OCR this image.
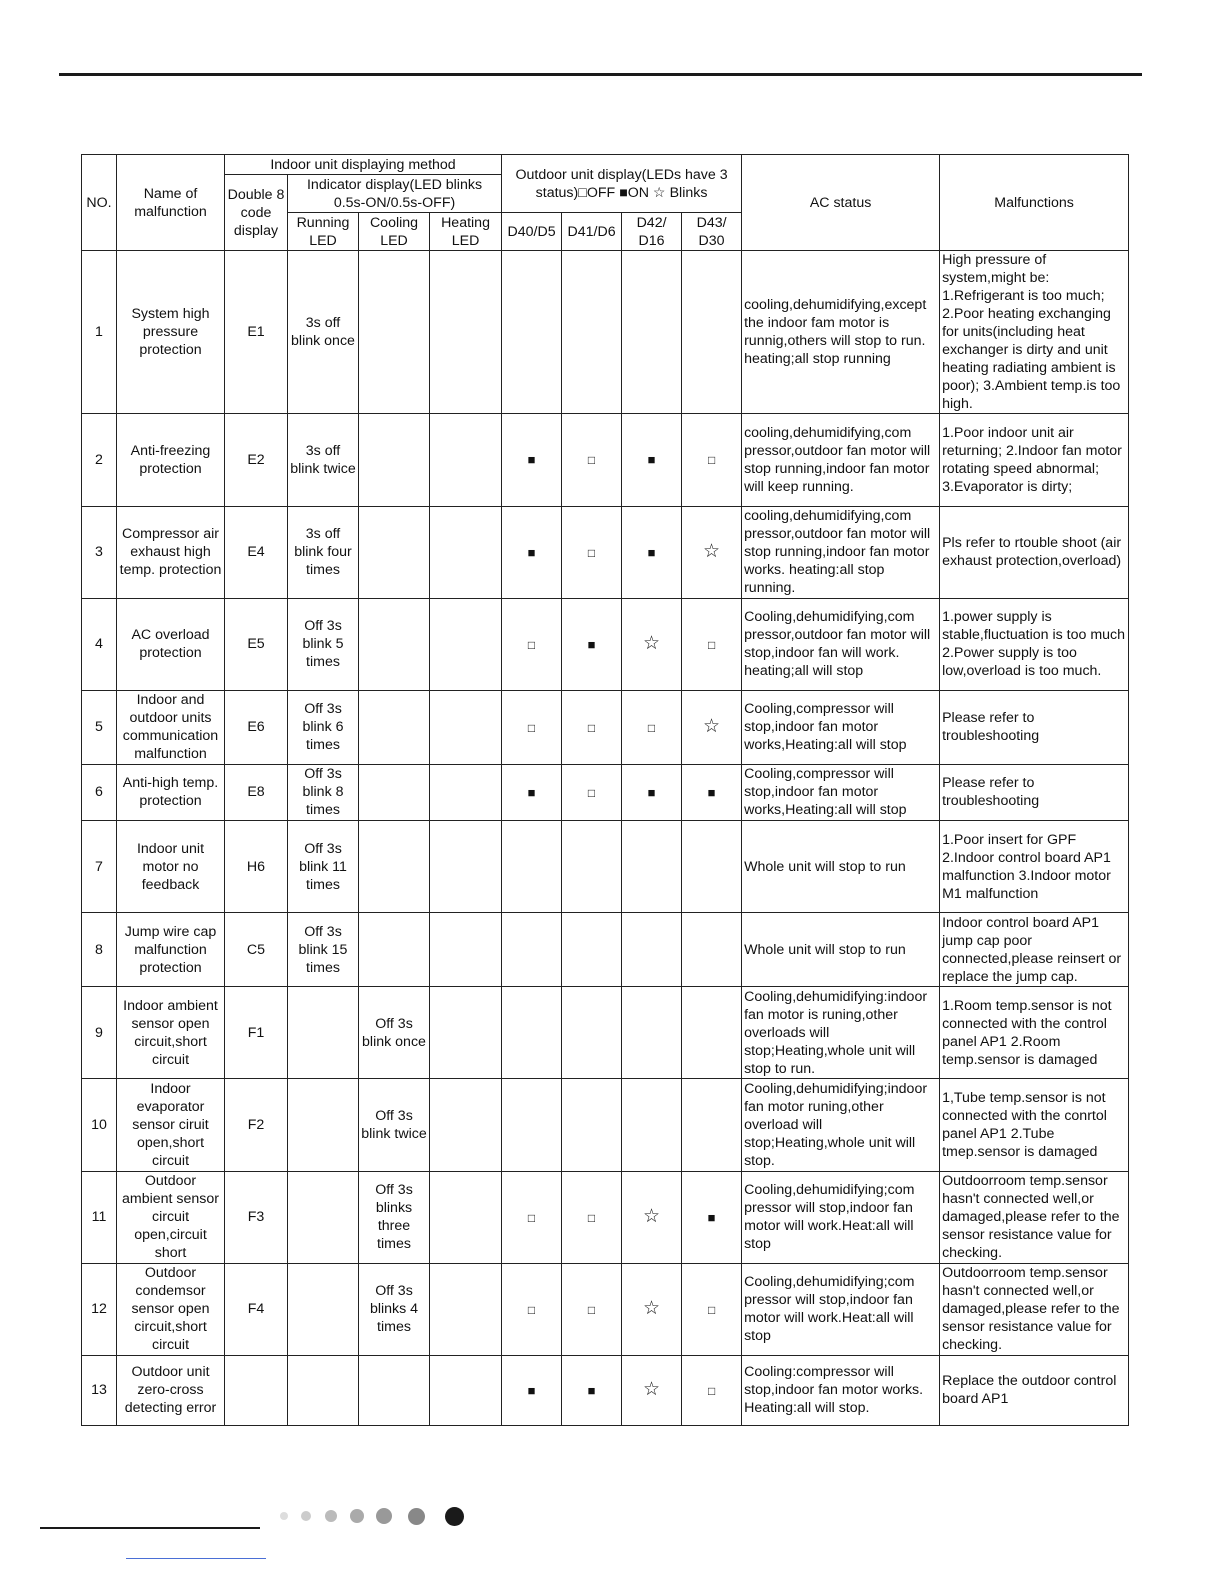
NO.	Name of malfunction	Indoor unit displaying method				Outdoor unit display(LEDs have 3 status)□OFF ■ON ☆ Blinks				AC status	Malfunctions
		Double 8 code display	Indicator display(LED blinks 0.5s-ON/0.5s-OFF)								
			Running LED	Cooling LED	Heating LED	D40/D5	D41/D6	D42/ D16	D43/ D30		
1	System high pressure protection	E1	3s off blink once							cooling,dehumidifying,except the indoor fam motor is runnig,others will stop to run. heating;all stop running	High pressure of system,might be: 1.Refrigerant is too much; 2.Poor heating exchanging for units(including heat exchanger is dirty and unit heating radiating ambient is poor); 3.Ambient temp.is too high.
2	Anti-freezing protection	E2	3s off blink twice			■	□	■	□	cooling,dehumidifying,com pressor,outdoor fan motor will stop running,indoor fan motor will keep running.	1.Poor indoor unit air returning; 2.Indoor fan motor rotating speed abnormal; 3.Evaporator is dirty;
3	Compressor air exhaust high temp. protection	E4	3s off blink four times			■	□	■	☆	cooling,dehumidifying,com pressor,outdoor fan motor will stop running,indoor fan motor works. heating:all stop running.	Pls refer to rtouble shoot (air exhaust protection,overload)
4	AC overload protection	E5	Off 3s blink 5 times			□	■	☆	□	Cooling,dehumidifying,com pressor,outdoor fan motor will stop,indoor fan will work. heating;all will stop	1.power supply is stable,fluctuation is too much 2.Power supply is too low,overload is too much.
5	Indoor and outdoor units communication malfunction	E6	Off 3s blink 6 times			□	□	□	☆	Cooling,compressor will stop,indoor fan motor works,Heating:all will stop	Please refer to troubleshooting
6	Anti-high temp. protection	E8	Off 3s blink 8 times			■	□	■	■	Cooling,compressor will stop,indoor fan motor works,Heating:all will stop	Please refer to troubleshooting
7	Indoor unit motor no feedback	H6	Off 3s blink 11 times							Whole unit will stop to run	1.Poor insert for GPF 2.Indoor control board AP1 malfunction 3.Indoor motor M1 malfunction
8	Jump wire cap malfunction protection	C5	Off 3s blink 15 times							Whole unit will stop to run	Indoor control board AP1 jump cap poor connected,please reinsert or replace the jump cap.
9	Indoor ambient sensor open circuit,short circuit	F1		Off 3s blink once						Cooling,dehumidifying:indoor fan motor is runing,other overloads will stop;Heating,whole unit will stop to run.	1.Room temp.sensor is not connected with the control panel AP1 2.Room temp.sensor is damaged
10	Indoor evaporator sensor ciruit open,short circuit	F2		Off 3s blink twice						Cooling,dehumidifying;indoor fan motor runing,other overload will stop;Heating,whole unit will stop.	1,Tube temp.sensor is not connected with the conrtol panel AP1 2.Tube tmep.sensor is damaged
11	Outdoor ambient sensor circuit open,circuit short	F3		Off 3s blinks three times		□	□	☆	■	Cooling,dehumidifying;com pressor will stop,indoor fan motor will work.Heat:all will stop	Outdoorroom temp.sensor hasn't connected well,or damaged,please refer to the sensor resistance value for checking.
12	Outdoor condemsor sensor open circuit,short circuit	F4		Off 3s blinks 4 times		□	□	☆	□	Cooling,dehumidifying;com pressor will stop,indoor fan motor will work.Heat:all will stop	Outdoorroom temp.sensor hasn't connected well,or damaged,please refer to the sensor resistance value for checking.
13	Outdoor unit zero-cross detecting error					■	■	☆	□	Cooling:compressor will stop,indoor fan motor works. Heating:all will stop.	Replace the outdoor control board AP1
